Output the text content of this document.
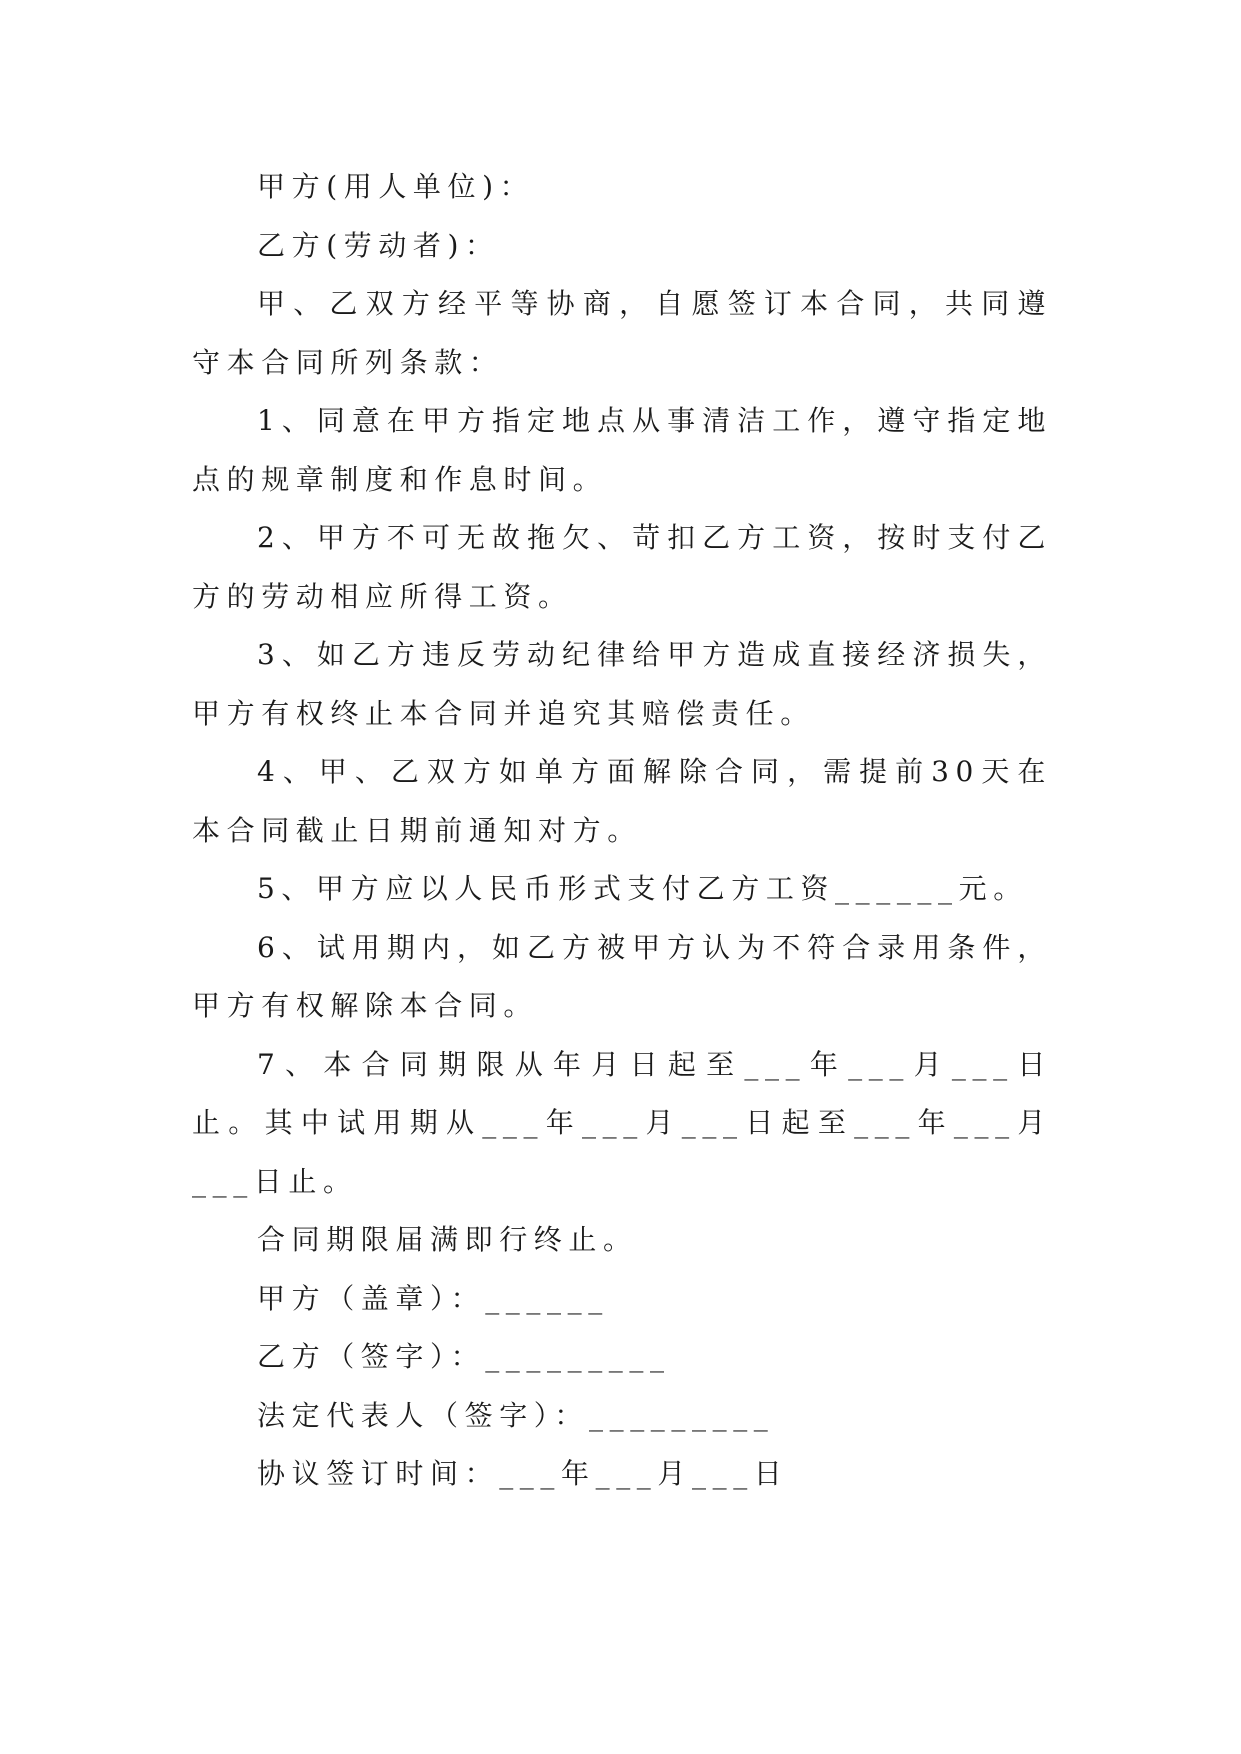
甲方(用人单位)：

乙方(劳动者)：

甲、乙双方经平等协商，自愿签订本合同，共同遵守本合同所列条款：

1、同意在甲方指定地点从事清洁工作，遵守指定地点的规章制度和作息时间。

2、甲方不可无故拖欠、苛扣乙方工资，按时支付乙方的劳动相应所得工资。

3、如乙方违反劳动纪律给甲方造成直接经济损失，甲方有权终止本合同并追究其赔偿责任。

4、甲、乙双方如单方面解除合同，需提前30天在本合同截止日期前通知对方。

5、甲方应以人民币形式支付乙方工资______元。

6、试用期内，如乙方被甲方认为不符合录用条件，甲方有权解除本合同。

7、本合同期限从年月日起至___年___月___日止。其中试用期从___年___月___日起至___年___月___日止。

合同期限届满即行终止。

甲方（盖章）：______

乙方（签字）：_________

法定代表人（签字）：_________

协议签订时间：___年___月___日
